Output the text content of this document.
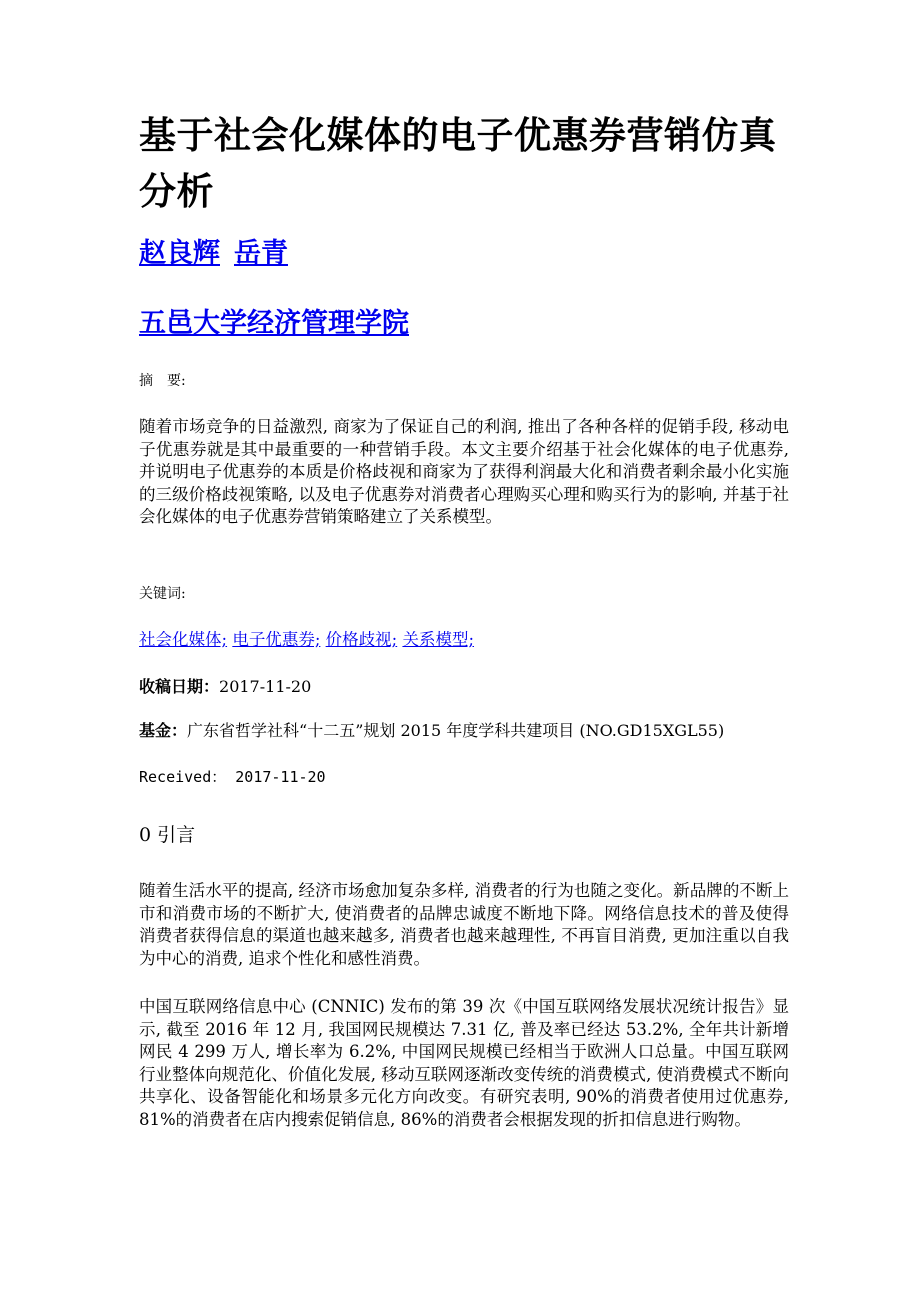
基于社会化媒体的电子优惠券营销仿真分析
赵良辉 岳青
五邑大学经济管理学院
摘　要:

随着市场竞争的日益激烈, 商家为了保证自己的利润, 推出了各种各样的促销手段, 移动电子优惠券就是其中最重要的一种营销手段。本文主要介绍基于社会化媒体的电子优惠券, 并说明电子优惠券的本质是价格歧视和商家为了获得利润最大化和消费者剩余最小化实施的三级价格歧视策略, 以及电子优惠券对消费者心理购买心理和购买行为的影响, 并基于社会化媒体的电子优惠券营销策略建立了关系模型。

关键词:
社会化媒体; 电子优惠券; 价格歧视; 关系模型;
收稿日期：2017-11-20
基金：广东省哲学社科“十二五”规划 2015 年度学科共建项目 (NO.GD15XGL55)
Received： 2017-11-20
0 引言

随着生活水平的提高, 经济市场愈加复杂多样, 消费者的行为也随之变化。新品牌的不断上市和消费市场的不断扩大, 使消费者的品牌忠诚度不断地下降。网络信息技术的普及使得消费者获得信息的渠道也越来越多, 消费者也越来越理性, 不再盲目消费, 更加注重以自我为中心的消费, 追求个性化和感性消费。

中国互联网络信息中心 (CNNIC) 发布的第 39 次《中国互联网络发展状况统计报告》显示, 截至 2016 年 12 月, 我国网民规模达 7.31 亿, 普及率已经达 53.2%, 全年共计新增网民 4 299 万人, 增长率为 6.2%, 中国网民规模已经相当于欧洲人口总量。中国互联网行业整体向规范化、价值化发展, 移动互联网逐渐改变传统的消费模式, 使消费模式不断向共享化、设备智能化和场景多元化方向改变。有研究表明, 90%的消费者使用过优惠券, 81%的消费者在店内搜索促销信息, 86%的消费者会根据发现的折扣信息进行购物。
